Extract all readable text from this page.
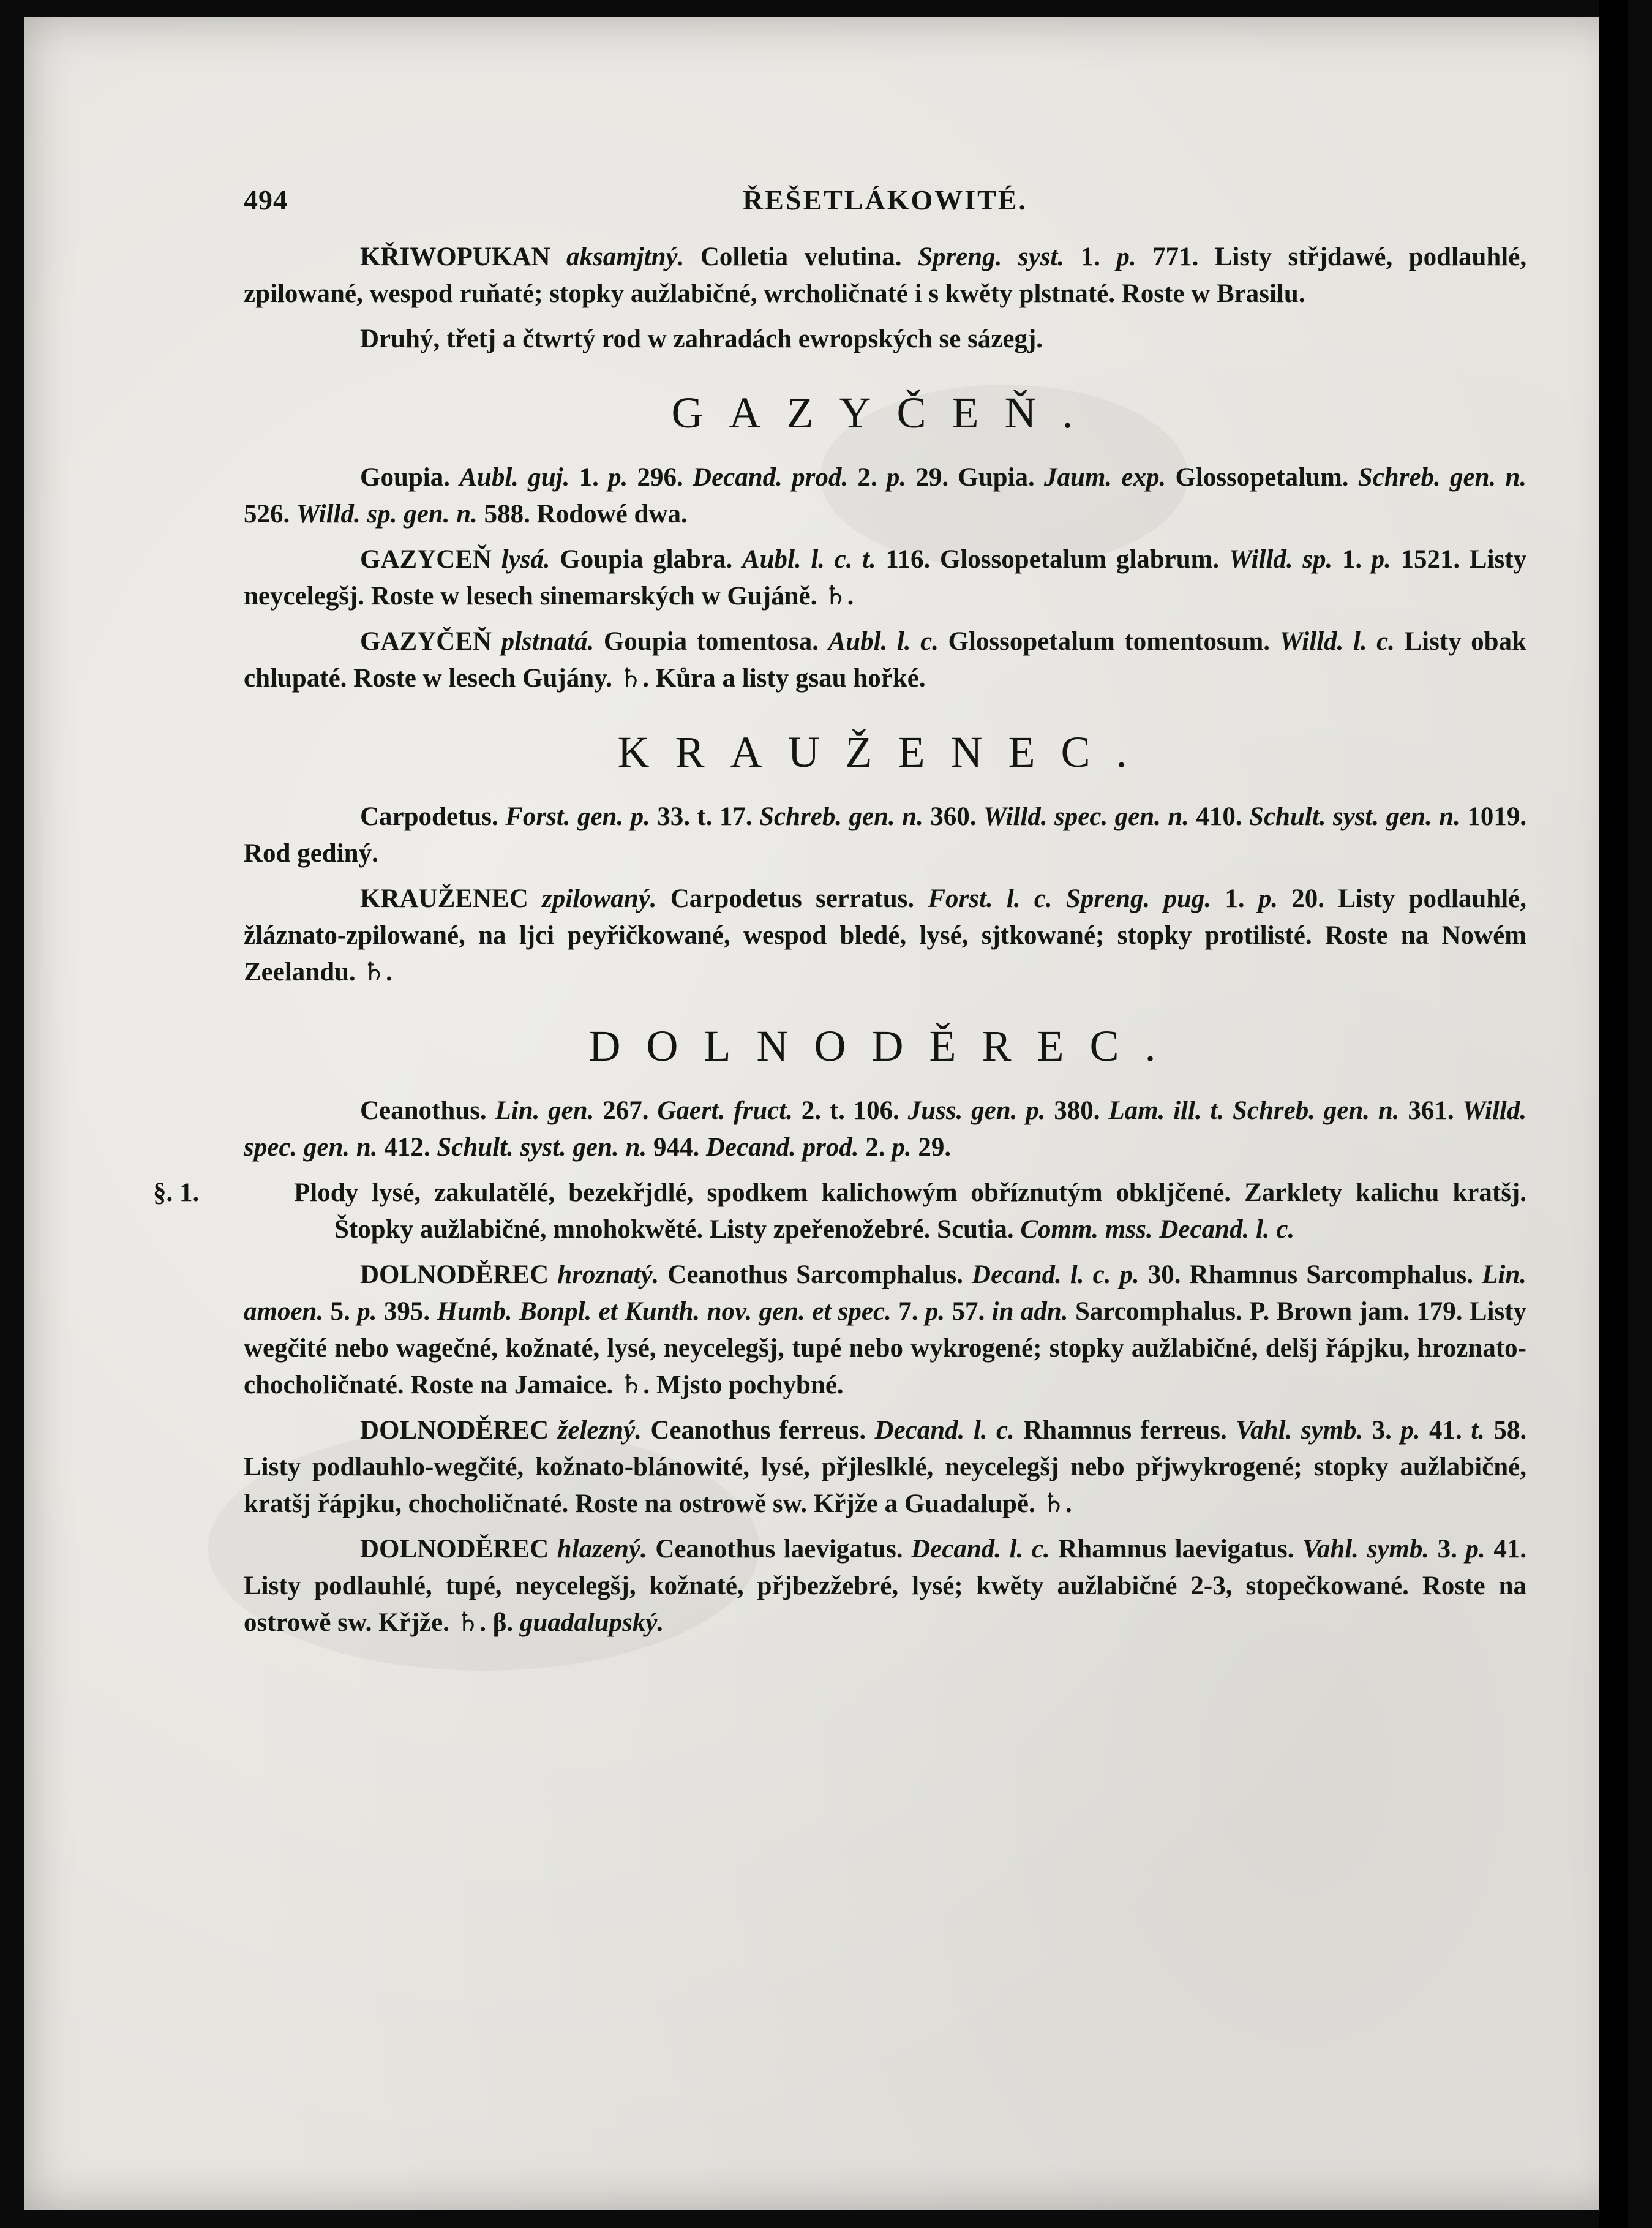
494	ŘEŠETLÁKOWITÉ.

KŘIWOPUKAN aksamjtný. Colletia velutina. Spreng. syst. 1. p. 771. Listy střjdawé, podlauhlé, zpilowané, wespod ruňaté; stopky aužlabičné, wrcholičnaté i s kwěty plstnaté. Roste w Brasilu.

Druhý, třetj a čtwrtý rod w zahradách ewropských se sázegj.

GAZYČEŇ.

Goupia. Aubl. guj. 1. p. 296. Decand. prod. 2. p. 29. Gupia. Jaum. exp. Glossopetalum. Schreb. gen. n. 526. Willd. sp. gen. n. 588. Rodowé dwa.

GAZYCEŇ lysá. Goupia glabra. Aubl. l. c. t. 116. Glossopetalum glabrum. Willd. sp. 1. p. 1521. Listy neycelegšj. Roste w lesech sinemarských w Gujáně. ♄.

GAZYČEŇ plstnatá. Goupia tomentosa. Aubl. l. c. Glossopetalum tomentosum. Willd. l. c. Listy obak chlupaté. Roste w lesech Gujány. ♄. Kůra a listy gsau hořké.

KRAUŽENEC.

Carpodetus. Forst. gen. p. 33. t. 17. Schreb. gen. n. 360. Willd. spec. gen. n. 410. Schult. syst. gen. n. 1019. Rod gediný.

KRAUŽENEC zpilowaný. Carpodetus serratus. Forst. l. c. Spreng. pug. 1. p. 20. Listy podlauhlé, žláznato-zpilowané, na ljci peyřičkowané, wespod bledé, lysé, sjtkowané; stopky protilisté. Roste na Nowém Zeelandu. ♄.

DOLNODĚREC.

Ceanothus. Lin. gen. 267. Gaert. fruct. 2. t. 106. Juss. gen. p. 380. Lam. ill. t. Schreb. gen. n. 361. Willd. spec. gen. n. 412. Schult. syst. gen. n. 944. Decand. prod. 2. p. 29.

§. 1.	Plody lysé, zakulatělé, bezekřjdlé, spodkem kalichowým obříznutým obkljčené. Zarklety kalichu kratšj. Štopky aužlabičné, mnohokwěté. Listy zpeřenožebré. Scutia. Comm. mss. Decand. l. c.

DOLNODĚREC hroznatý. Ceanothus Sarcomphalus. Decand. l. c. p. 30. Rhamnus Sarcomphalus. Lin. amoen. 5. p. 395. Humb. Bonpl. et Kunth. nov. gen. et spec. 7. p. 57. in adn. Sarcomphalus. P. Brown jam. 179. Listy wegčité nebo wagečné, kožnaté, lysé, neycelegšj, tupé nebo wykrogené; stopky aužlabičné, delšj řápjku, hroznato-chocholičnaté. Roste na Jamaice. ♄. Mjsto pochybné.

DOLNODĚREC železný. Ceanothus ferreus. Decand. l. c. Rhamnus ferreus. Vahl. symb. 3. p. 41. t. 58. Listy podlauhlo-wegčité, kožnato-blánowité, lysé, přjleslklé, neycelegšj nebo přjwykrogené; stopky aužlabičné, kratšj řápjku, chocholičnaté. Roste na ostrowě sw. Křjže a Guadalupě. ♄.

DOLNODĚREC hlazený. Ceanothus laevigatus. Decand. l. c. Rhamnus laevigatus. Vahl. symb. 3. p. 41. Listy podlauhlé, tupé, neycelegšj, kožnaté, přjbezžebré, lysé; kwěty aužlabičné 2-3, stopečkowané. Roste na ostrowě sw. Křjže. ♄. β. guadalupský.
